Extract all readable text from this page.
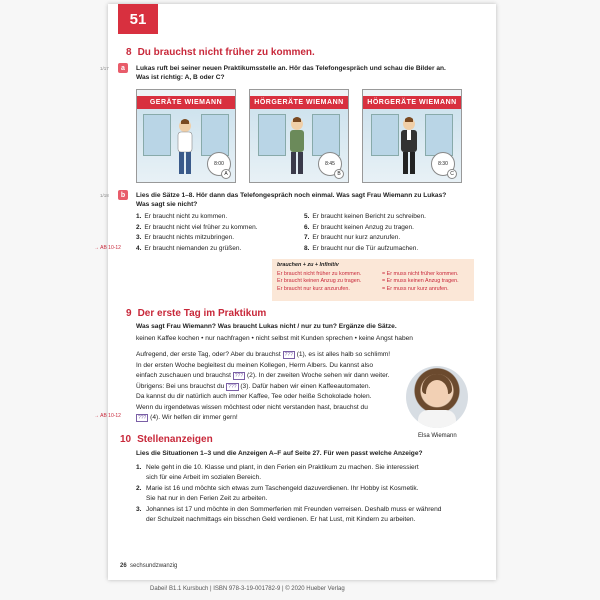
51
8 Du brauchst nicht früher zu kommen.
1/17	a	Lukas ruft bei seiner neuen Praktikumsstelle an. Hör das Telefongespräch und schau die Bilder an.
Was ist richtig: A, B oder C?
GERÄTE WIEMANN
8:00
A
HÖRGERÄTE WIEMANN
8:45
B
HÖRGERÄTE WIEMANN
8:30
C
1/18	b	Lies die Sätze 1–8. Hör dann das Telefongespräch noch einmal. Was sagt Frau Wiemann zu Lukas?
Was sagt sie nicht?
1. Er braucht nicht zu kommen.
2. Er braucht nicht viel früher zu kommen.
3. Er braucht nichts mitzubringen.
4. Er braucht niemanden zu grüßen.
5. Er braucht keinen Bericht zu schreiben.
6. Er braucht keinen Anzug zu tragen.
7. Er braucht nur kurz anzurufen.
8. Er braucht nur die Tür aufzumachen.
→ AB 10-12
brauchen + zu + Infinitiv
Er braucht nicht früher zu kommen.	= Er muss nicht früher kommen.
Er braucht keinen Anzug zu tragen.	= Er muss keinen Anzug tragen.
Er braucht nur kurz anzurufen.	= Er muss nur kurz anrufen.
9 Der erste Tag im Praktikum
Was sagt Frau Wiemann? Was braucht Lukas nicht / nur zu tun? Ergänze die Sätze.
keinen Kaffee kochen • nur nachfragen • nicht selbst mit Kunden sprechen • keine Angst haben
Aufregend, der erste Tag, oder? Aber du brauchst ??? (1), es ist alles halb so schlimm!
In der ersten Woche begleitest du meinen Kollegen, Herrn Albers. Du kannst also
einfach zuschauen und brauchst ??? (2). In der zweiten Woche sehen wir dann weiter.
Übrigens: Bei uns brauchst du ??? (3). Dafür haben wir einen Kaffeeautomaten.
Da kannst du dir natürlich auch immer Kaffee, Tee oder heiße Schokolade holen.
Wenn du irgendetwas wissen möchtest oder nicht verstanden hast, brauchst du
??? (4). Wir helfen dir immer gern!
→ AB 10-12
Elsa Wiemann
10 Stellenanzeigen
Lies die Situationen 1–3 und die Anzeigen A–F auf Seite 27. Für wen passt welche Anzeige?
1. Nele geht in die 10. Klasse und plant, in den Ferien ein Praktikum zu machen. Sie interessiert
sich für eine Arbeit im sozialen Bereich.
2. Marie ist 16 und möchte sich etwas zum Taschengeld dazuverdienen. Ihr Hobby ist Kosmetik.
Sie hat nur in den Ferien Zeit zu arbeiten.
3. Johannes ist 17 und möchte in den Sommerferien mit Freunden verreisen. Deshalb muss er während
der Schulzeit nachmittags ein bisschen Geld verdienen. Er hat Lust, mit Kindern zu arbeiten.
26 sechsundzwanzig
Dabei! B1.1 Kursbuch | ISBN 978-3-19-001782-9 | © 2020 Hueber Verlag
